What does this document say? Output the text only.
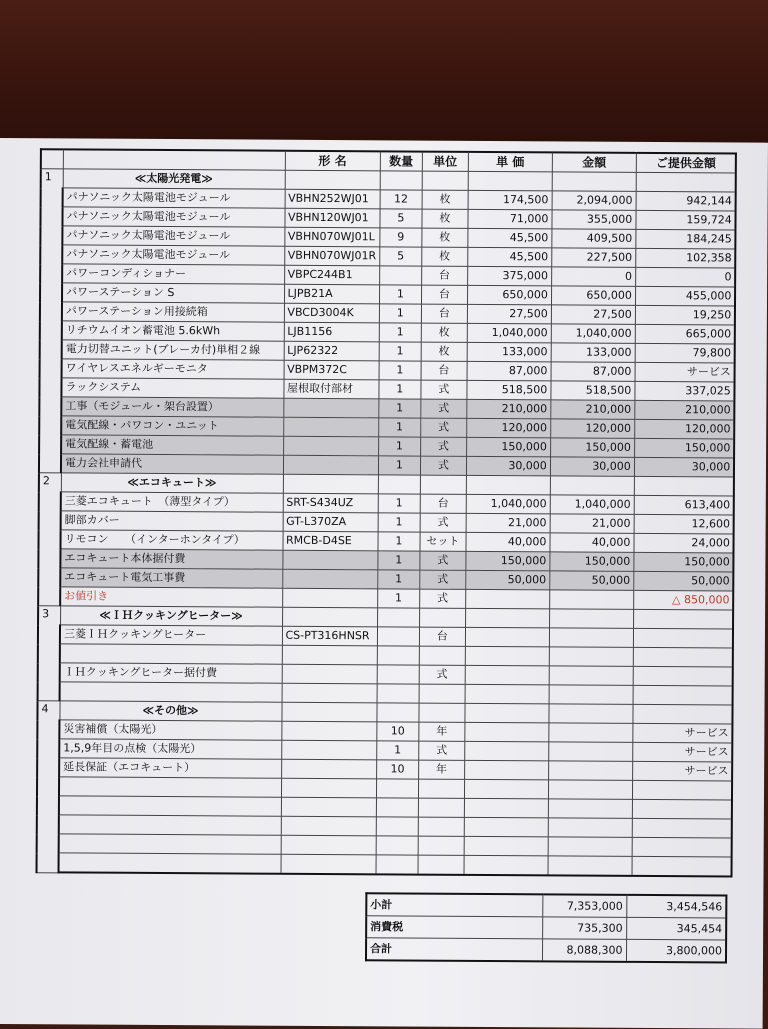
		形 名	数量	単位	単 価	金額	ご提供金額
1	≪太陽光発電≫						
	パナソニック太陽電池モジュール	VBHN252WJ01	12	枚	174,500	2,094,000	942,144
	パナソニック太陽電池モジュール	VBHN120WJ01	5	枚	71,000	355,000	159,724
	パナソニック太陽電池モジュール	VBHN070WJ01L	9	枚	45,500	409,500	184,245
	パナソニック太陽電池モジュール	VBHN070WJ01R	5	枚	45,500	227,500	102,358
	パワーコンディショナー	VBPC244B1		台	375,000	0	0
	パワーステーション S	LJPB21A	1	台	650,000	650,000	455,000
	パワーステーション用接続箱	VBCD3004K	1	台	27,500	27,500	19,250
	リチウムイオン蓄電池 5.6kWh	LJB1156	1	枚	1,040,000	1,040,000	665,000
	電力切替ユニット(ブレーカ付)単相２線	LJP62322	1	枚	133,000	133,000	79,800
	ワイヤレスエネルギーモニタ	VBPM372C	1	台	87,000	87,000	サービス
	ラックシステム	屋根取付部材	1	式	518,500	518,500	337,025
	工事（モジュール・架台設置）		1	式	210,000	210,000	210,000
	電気配線・パワコン・ユニット		1	式	120,000	120,000	120,000
	電気配線・蓄電池		1	式	150,000	150,000	150,000
	電力会社申請代		1	式	30,000	30,000	30,000
2	≪エコキュート≫						
	三菱エコキュート　（薄型タイプ）	SRT-S434UZ	1	台	1,040,000	1,040,000	613,400
	脚部カバー	GT-L370ZA	1	式	21,000	21,000	12,600
	リモコン　　（インターホンタイプ）	RMCB-D4SE	1	セット	40,000	40,000	24,000
	エコキュート本体据付費		1	式	150,000	150,000	150,000
	エコキュート電気工事費		1	式	50,000	50,000	50,000
	お値引き		1	式			△ 850,000
3	≪ＩＨクッキングヒーター≫						
	三菱ＩＨクッキングヒーター	CS-PT316HNSR		台			

	ＩＨクッキングヒーター据付費			式			

4	≪その他≫						
	災害補償（太陽光）		10	年			サービス
	1,5,9年目の点検（太陽光）		1	式			サービス
	延長保証（エコキュート）		10	年			サービス

小計	7,353,000	3,454,546
消費税	735,300	345,454
合計	8,088,300	3,800,000
